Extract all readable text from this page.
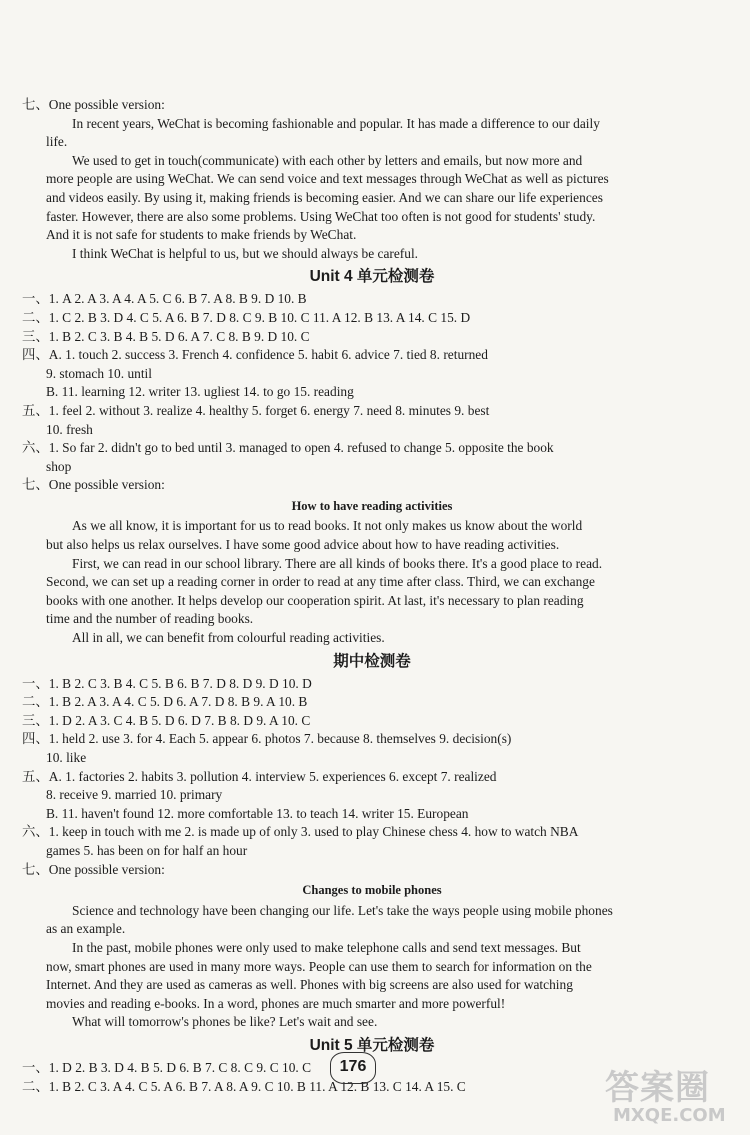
七、One possible version:
In recent years, WeChat is becoming fashionable and popular. It has made a difference to our daily
life.
We used to get in touch(communicate) with each other by letters and emails, but now more and
more people are using WeChat. We can send voice and text messages through WeChat as well as pictures
and videos easily. By using it, making friends is becoming easier. And we can share our life experiences
faster. However, there are also some problems. Using WeChat too often is not good for students' study.
And it is not safe for students to make friends by WeChat.
I think WeChat is helpful to us, but we should always be careful.
Unit 4 单元检测卷
一、1. A 2. A 3. A 4. A 5. C 6. B 7. A 8. B 9. D 10. B
二、1. C 2. B 3. D 4. C 5. A 6. B 7. D 8. C 9. B 10. C 11. A 12. B 13. A 14. C 15. D
三、1. B 2. C 3. B 4. B 5. D 6. A 7. C 8. B 9. D 10. C
四、A. 1. touch 2. success 3. French 4. confidence 5. habit 6. advice 7. tied 8. returned
9. stomach 10. until
B. 11. learning 12. writer 13. ugliest 14. to go 15. reading
五、1. feel 2. without 3. realize 4. healthy 5. forget 6. energy 7. need 8. minutes 9. best
10. fresh
六、1. So far 2. didn't go to bed until 3. managed to open 4. refused to change 5. opposite the book
shop
七、One possible version:
How to have reading activities
As we all know, it is important for us to read books. It not only makes us know about the world
but also helps us relax ourselves. I have some good advice about how to have reading activities.
First, we can read in our school library. There are all kinds of books there. It's a good place to read.
Second, we can set up a reading corner in order to read at any time after class. Third, we can exchange
books with one another. It helps develop our cooperation spirit. At last, it's necessary to plan reading
time and the number of reading books.
All in all, we can benefit from colourful reading activities.
期中检测卷
一、1. B 2. C 3. B 4. C 5. B 6. B 7. D 8. D 9. D 10. D
二、1. B 2. A 3. A 4. C 5. D 6. A 7. D 8. B 9. A 10. B
三、1. D 2. A 3. C 4. B 5. D 6. D 7. B 8. D 9. A 10. C
四、1. held 2. use 3. for 4. Each 5. appear 6. photos 7. because 8. themselves 9. decision(s)
10. like
五、A. 1. factories 2. habits 3. pollution 4. interview 5. experiences 6. except 7. realized
8. receive 9. married 10. primary
B. 11. haven't found 12. more comfortable 13. to teach 14. writer 15. European
六、1. keep in touch with me 2. is made up of only 3. used to play Chinese chess 4. how to watch NBA
games 5. has been on for half an hour
七、One possible version:
Changes to mobile phones
Science and technology have been changing our life. Let's take the ways people using mobile phones
as an example.
In the past, mobile phones were only used to make telephone calls and send text messages. But
now, smart phones are used in many more ways. People can use them to search for information on the
Internet. And they are used as cameras as well. Phones with big screens are also used for watching
movies and reading e-books. In a word, phones are much smarter and more powerful!
What will tomorrow's phones be like? Let's wait and see.
Unit 5 单元检测卷
一、1. D 2. B 3. D 4. B 5. D 6. B 7. C 8. C 9. C 10. C
二、1. B 2. C 3. A 4. C 5. A 6. B 7. A 8. A 9. C 10. B 11. A 12. B 13. C 14. A 15. C
176
答案圈
MXQE.COM
